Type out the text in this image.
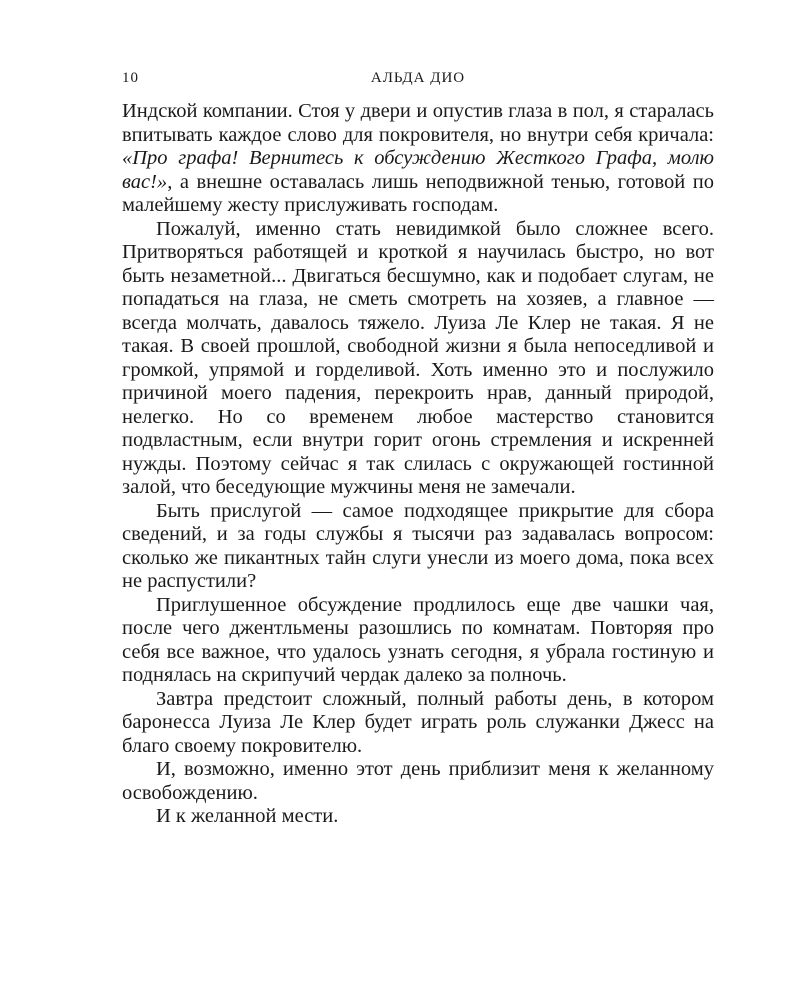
10	АЛЬДА ДИО

Индской компании. Стоя у двери и опустив глаза в пол, я старалась впитывать каждое слово для покровителя, но внутри себя кричала: «Про графа! Вернитесь к обсуждению Жесткого Графа, молю вас!», а внешне оставалась лишь неподвижной тенью, готовой по малейшему жесту прислуживать господам.

Пожалуй, именно стать невидимкой было сложнее всего. Притворяться работящей и кроткой я научилась быстро, но вот быть незаметной... Двигаться бесшумно, как и подобает слугам, не попадаться на глаза, не сметь смотреть на хозяев, а главное — всегда молчать, давалось тяжело. Луиза Ле Клер не такая. Я не такая. В своей прошлой, свободной жизни я была непоседливой и громкой, упрямой и горделивой. Хоть именно это и послужило причиной моего падения, перекроить нрав, данный природой, нелегко. Но со временем любое мастерство становится подвластным, если внутри горит огонь стремления и искренней нужды. Поэтому сейчас я так слилась с окружающей гостинной залой, что беседующие мужчины меня не замечали.

Быть прислугой — самое подходящее прикрытие для сбора сведений, и за годы службы я тысячи раз задавалась вопросом: сколько же пикантных тайн слуги унесли из моего дома, пока всех не распустили?

Приглушенное обсуждение продлилось еще две чашки чая, после чего джентльмены разошлись по комнатам. Повторяя про себя все важное, что удалось узнать сегодня, я убрала гостиную и поднялась на скрипучий чердак далеко за полночь.

Завтра предстоит сложный, полный работы день, в котором баронесса Луиза Ле Клер будет играть роль служанки Джесс на благо своему покровителю.

И, возможно, именно этот день приблизит меня к желанному освобождению.

И к желанной мести.
